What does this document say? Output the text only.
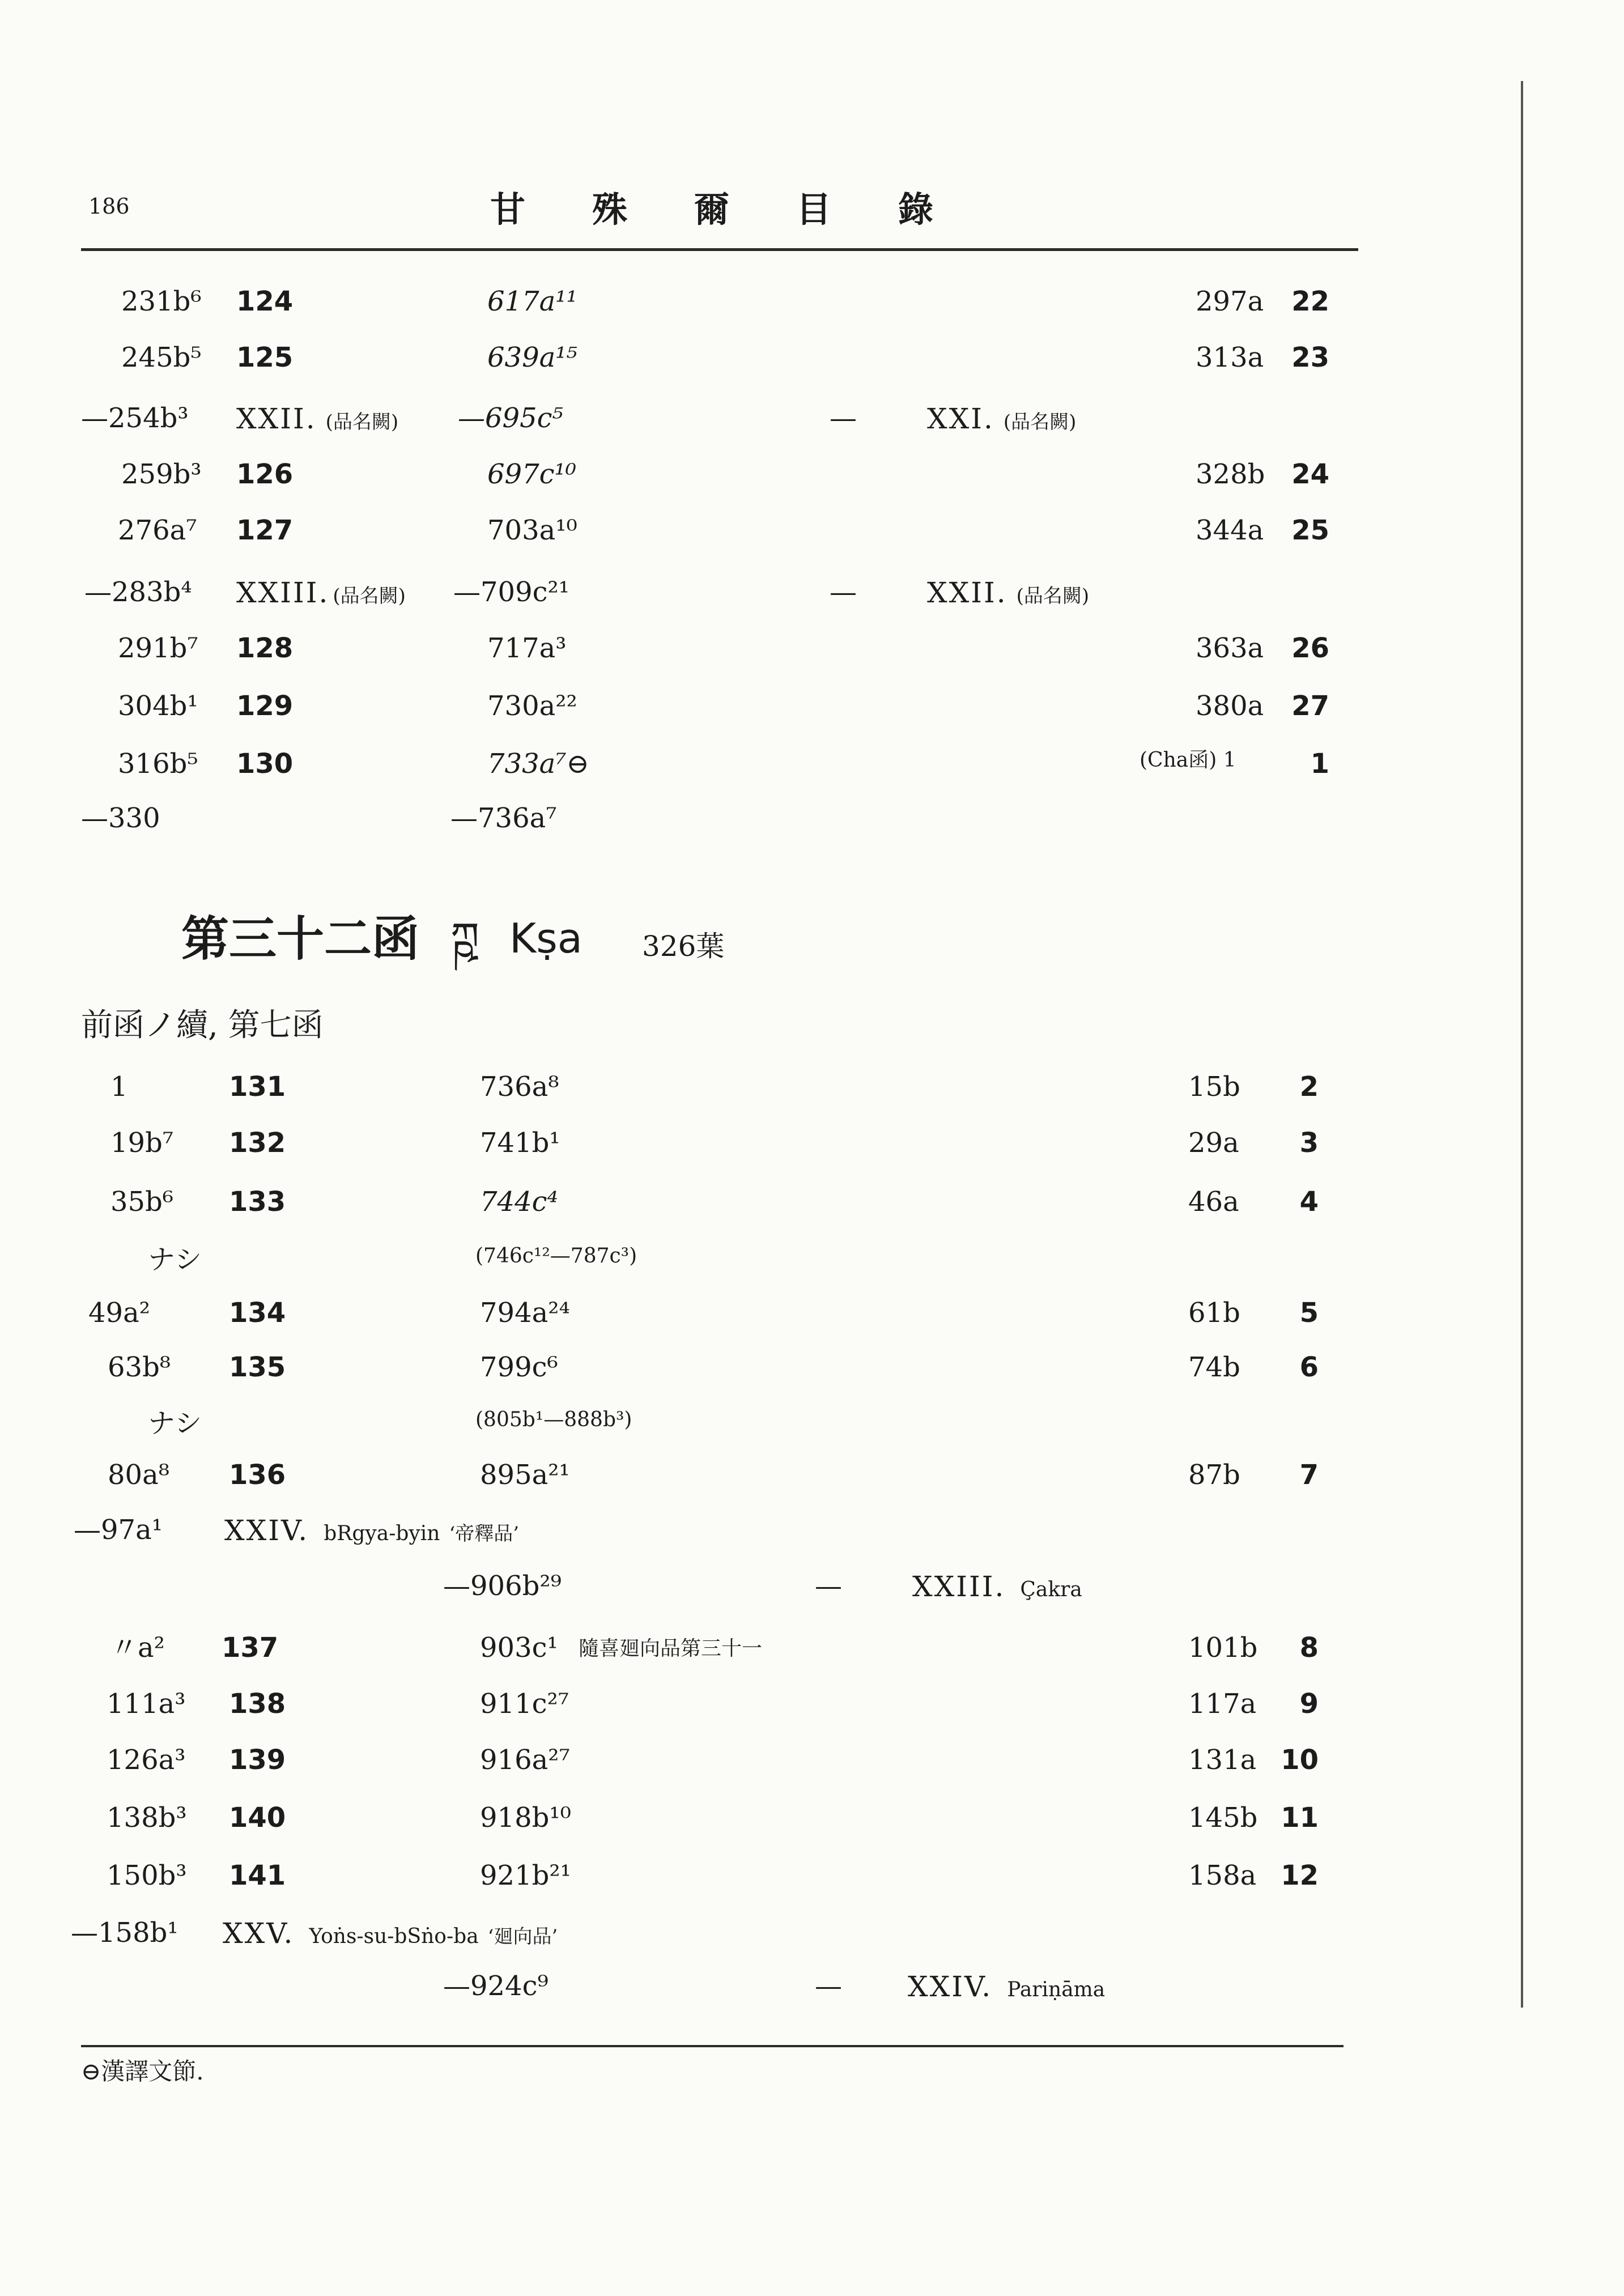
186	甘殊爾目錄
231b⁶ 124	617a¹¹	297a 22
245b⁵ 125	639a¹⁵	313a 23
—254b³ XXII. (品名闕) —695c⁵	— XXI. (品名闕)
259b³ 126	697c¹⁰	328b 24
276a⁷ 127	703a¹⁰	344a 25
—283b⁴ XXIII. (品名闕) —709c²¹	— XXII. (品名闕)
291b⁷ 128	717a³	363a 26
304b¹ 129	730a²²	380a 27
316b⁵ 130	733a⁷⊖	(Cha函) 1	1
—330	—736a⁷
第三十二函 ཀྵ Kṣa 326葉
前函ノ續, 第七函
1	131	736a⁸	15b 2
19b⁷ 132	741b¹	29a 3
35b⁶ 133	744c⁴	46a 4
ナシ	(746c¹²—787c³)
49a²	134	794a²⁴	61b 5
63b⁸ 135	799c⁶	74b 6
ナシ	(805b¹—888b³)
80a⁸ 136	895a²¹	87b 7
—97a¹ XXIV. bRgya-byin ‘帝釋品’
—906b²⁹	— XXIII. Çakra
〃a² 137	903c¹ 隨喜廻向品第三十一	101b 8
111a³ 138	911c²⁷	117a 9
126a³ 139	916a²⁷	131a 10
138b³ 140	918b¹⁰	145b 11
150b³ 141	921b²¹	158a 12
—158b¹ XXV. Yoṅs-su-bSṅo-ba ‘廻向品’
—924c⁹	— XXIV. Pariṇāma
⊖漢譯文節.
